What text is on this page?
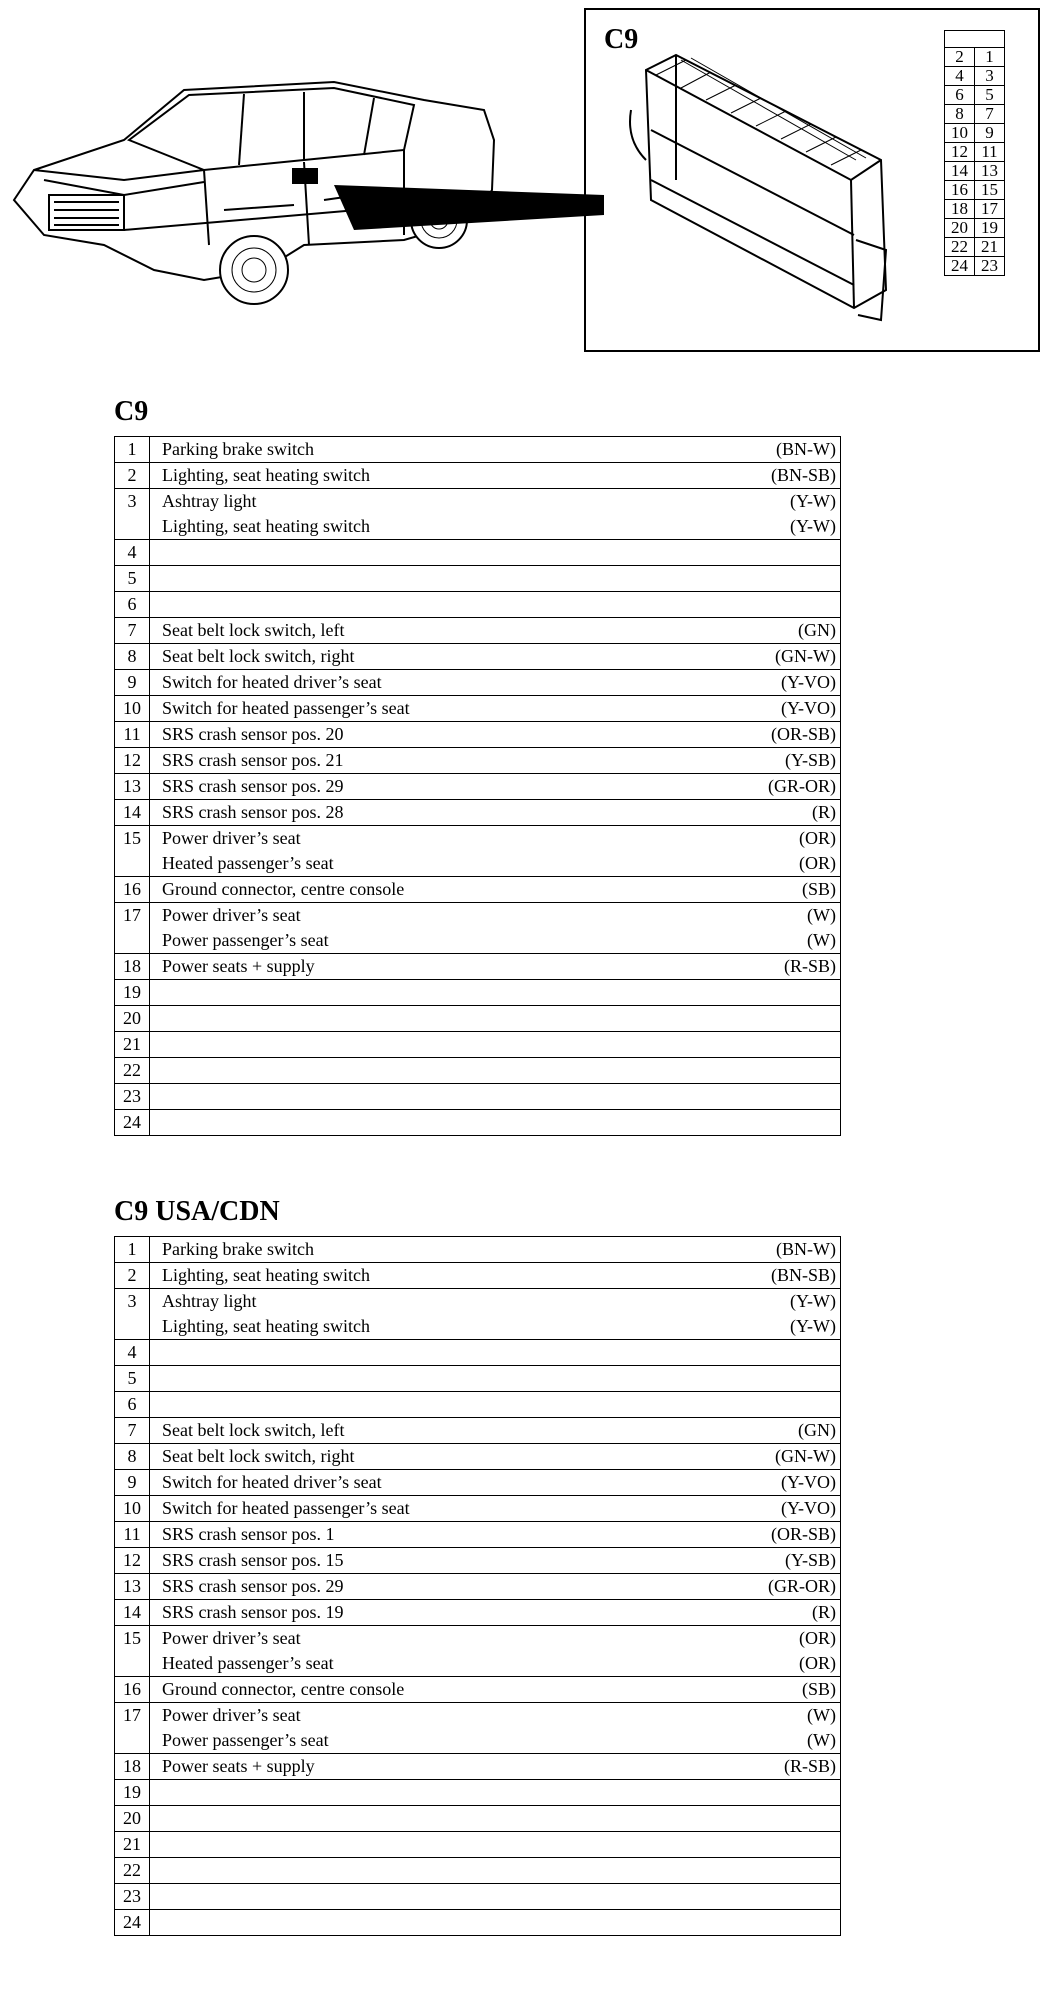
C9

2	1
4	3
6	5
8	7
10	9
12	11
14	13
16	15
18	17
20	19
22	21
24	23
C9
1	Parking brake switch	(BN-W)
2	Lighting, seat heating switch	(BN-SB)
3	Ashtray light	(Y-W)
	Lighting, seat heating switch	(Y-W)
4		
5		
6		
7	Seat belt lock switch, left	(GN)
8	Seat belt lock switch, right	(GN-W)
9	Switch for heated driver’s seat	(Y-VO)
10	Switch for heated passenger’s seat	(Y-VO)
11	SRS crash sensor pos. 20	(OR-SB)
12	SRS crash sensor pos. 21	(Y-SB)
13	SRS crash sensor pos. 29	(GR-OR)
14	SRS crash sensor pos. 28	(R)
15	Power driver’s seat	(OR)
	Heated passenger’s seat	(OR)
16	Ground connector, centre console	(SB)
17	Power driver’s seat	(W)
	Power passenger’s seat	(W)
18	Power seats + supply	(R-SB)
19		
20		
21		
22		
23		
24		
C9 USA/CDN
1	Parking brake switch	(BN-W)
2	Lighting, seat heating switch	(BN-SB)
3	Ashtray light	(Y-W)
	Lighting, seat heating switch	(Y-W)
4		
5		
6		
7	Seat belt lock switch, left	(GN)
8	Seat belt lock switch, right	(GN-W)
9	Switch for heated driver’s seat	(Y-VO)
10	Switch for heated passenger’s seat	(Y-VO)
11	SRS crash sensor pos. 1	(OR-SB)
12	SRS crash sensor pos. 15	(Y-SB)
13	SRS crash sensor pos. 29	(GR-OR)
14	SRS crash sensor pos. 19	(R)
15	Power driver’s seat	(OR)
	Heated passenger’s seat	(OR)
16	Ground connector, centre console	(SB)
17	Power driver’s seat	(W)
	Power passenger’s seat	(W)
18	Power seats + supply	(R-SB)
19		
20		
21		
22		
23		
24		
